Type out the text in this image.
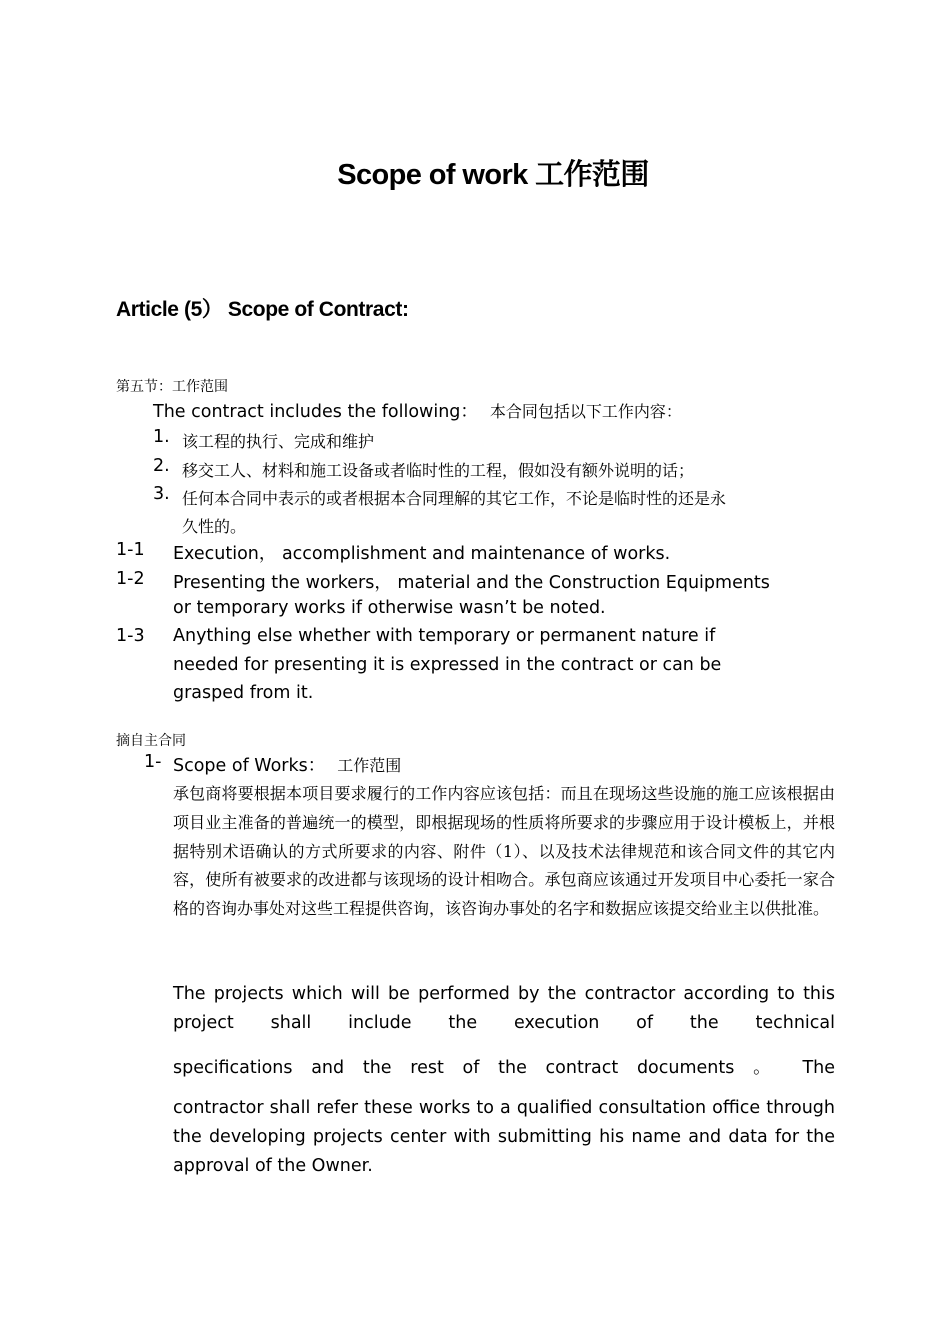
Scope of work 工作范围
Article (5） Scope of Contract:
第五节：工作范围
The contract includes the following： 本合同包括以下工作内容：
1. 该工程的执行、完成和维护
2. 移交工人、材料和施工设备或者临时性的工程，假如没有额外说明的话；
3. 任何本合同中表示的或者根据本合同理解的其它工作，不论是临时性的还是永
久性的。
1-1 Execution， accomplishment and maintenance of works.
1-2 Presenting the workers， material and the Construction Equipments
or temporary works if otherwise wasn’t be noted.
1-3 Anything else whether with temporary or permanent nature if
needed for presenting it is expressed in the contract or can be
grasped from it.
摘自主合同
1- Scope of Works： 工作范围
承包商将要根据本项目要求履行的工作内容应该包括：而且在现场这些设施的施工应该根据由项目业主准备的普遍统一的模型，即根据现场的性质将所要求的步骤应用于设计模板上，并根据特别术语确认的方式所要求的内容、附件（1）、以及技术法律规范和该合同文件的其它内容，使所有被要求的改进都与该现场的设计相吻合。承包商应该通过开发项目中心委托一家合格的咨询办事处对这些工程提供咨询，该咨询办事处的名字和数据应该提交给业主以供批准。
The projects which will be performed by the contractor according to this project shall include the execution of the technical
specifications and the rest of the contract documents 。 The
contractor shall refer these works to a qualified consultation office through the developing projects center with submitting his name and data for the approval of the Owner.
